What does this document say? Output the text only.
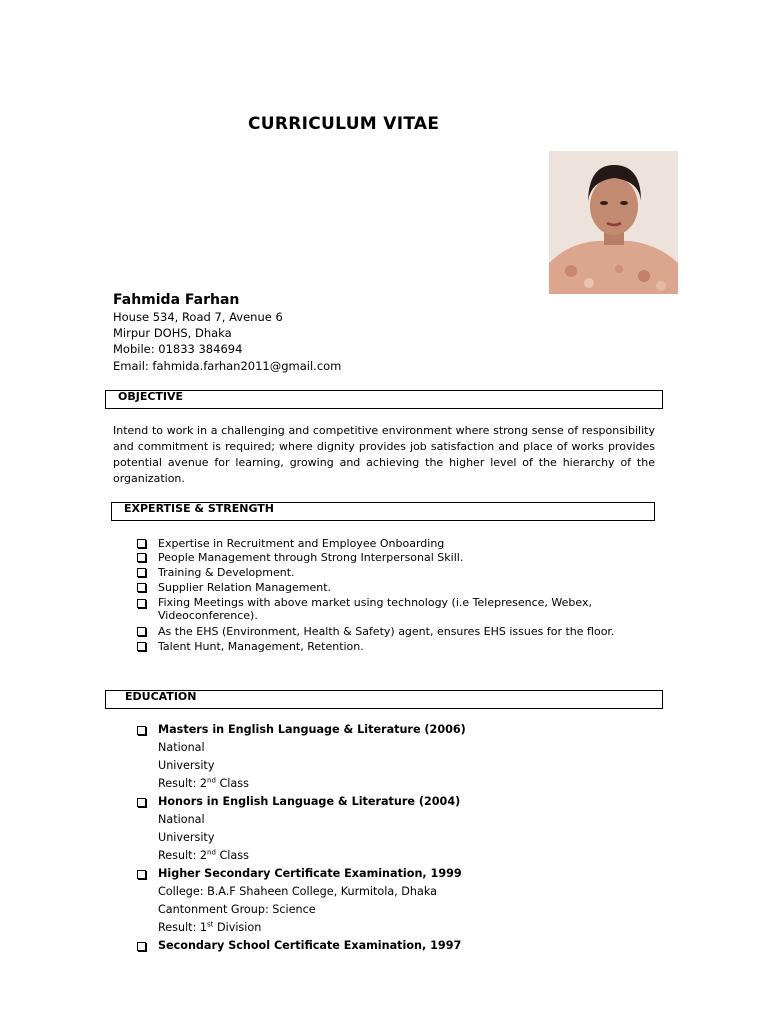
CURRICULUM VITAE
Fahmida Farhan
House 534, Road 7, Avenue 6
Mirpur DOHS, Dhaka
Mobile: 01833 384694
Email: fahmida.farhan2011@gmail.com
OBJECTIVE
Intend to work in a challenging and competitive environment where strong sense of responsibility and commitment is required; where dignity provides job satisfaction and place of works provides potential avenue for learning, growing and achieving the higher level of the hierarchy of the organization.
EXPERTISE & STRENGTH
Expertise in Recruitment and Employee Onboarding
People Management through Strong Interpersonal Skill.
Training & Development.
Supplier Relation Management.
Fixing Meetings with above market using technology (i.e Telepresence, Webex, Videoconference).
As the EHS (Environment, Health & Safety) agent, ensures EHS issues for the floor.
Talent Hunt, Management, Retention.
EDUCATION
Masters in English Language & Literature (2006)
National
University
Result: 2nd Class
Honors in English Language & Literature (2004)
National
University
Result: 2nd Class
Higher Secondary Certificate Examination, 1999
College: B.A.F Shaheen College, Kurmitola, Dhaka
Cantonment Group: Science
Result: 1st Division
Secondary School Certificate Examination, 1997
